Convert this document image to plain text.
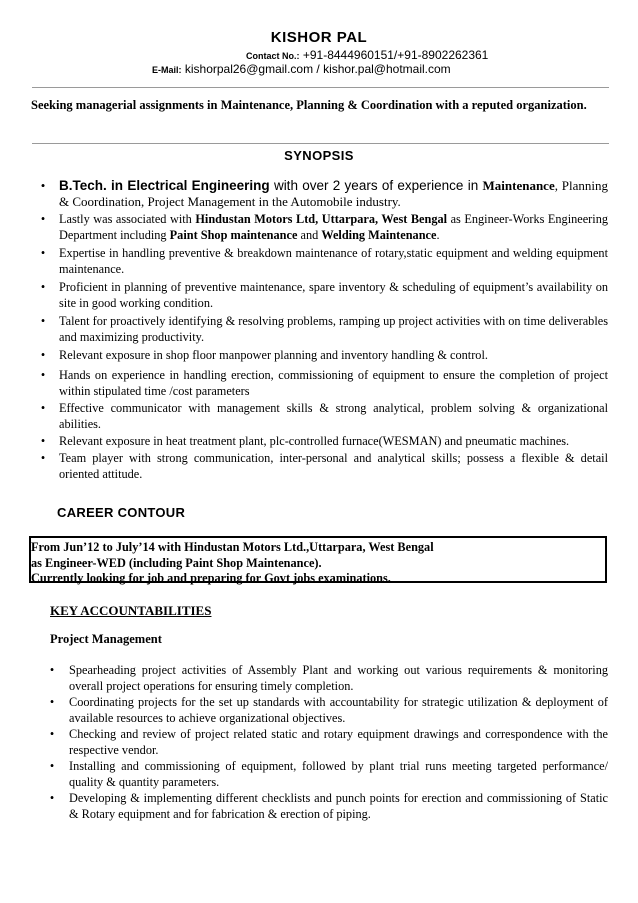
KISHOR PAL
Contact No.: +91-8444960151/+91-8902262361
E-Mail: kishorpal26@gmail.com / kishor.pal@hotmail.com
Seeking managerial assignments in Maintenance, Planning & Coordination with a reputed organization.
SYNOPSIS
• B.Tech. in Electrical Engineering with over 2 years of experience in Maintenance, Planning & Coordination, Project Management in the Automobile industry.
•	Lastly was associated with Hindustan Motors Ltd, Uttarpara, West Bengal as Engineer-Works Engineering Department including Paint Shop maintenance and Welding Maintenance.
•	Expertise in handling preventive & breakdown maintenance of rotary,static equipment and welding equipment maintenance.
•	Proficient in planning of preventive maintenance, spare inventory & scheduling of equipment’s availability on site in good working condition.
•	Talent for proactively identifying & resolving problems, ramping up project activities with on time deliverables and maximizing productivity.
•	Relevant exposure in shop floor manpower planning and inventory handling & control.
•	Hands on experience in handling erection, commissioning of equipment to ensure the completion of project within stipulated time /cost parameters
•	Effective communicator with management skills & strong analytical, problem solving & organizational abilities.
•	Relevant exposure in heat treatment plant, plc-controlled furnace(WESMAN) and pneumatic machines.
•	Team player with strong communication, inter-personal and analytical skills; possess a flexible & detail oriented attitude.
CAREER CONTOUR
From Jun’12 to July’14 with Hindustan Motors Ltd.,Uttarpara, West Bengal
as Engineer-WED (including Paint Shop Maintenance).
Currently looking for job and preparing for Govt jobs examinations.
KEY ACCOUNTABILITIES
Project Management
•	Spearheading project activities of Assembly Plant and working out various requirements & monitoring overall project operations for ensuring timely completion.
•	Coordinating projects for the set up standards with accountability for strategic utilization & deployment of available resources to achieve organizational objectives.
•	Checking and review of project related static and rotary equipment drawings and correspondence with the respective vendor.
•	Installing and commissioning of equipment, followed by plant trial runs meeting targeted performance/ quality & quantity parameters.
•	Developing & implementing different checklists and punch points for erection and commissioning of Static & Rotary equipment and for fabrication & erection of piping.
